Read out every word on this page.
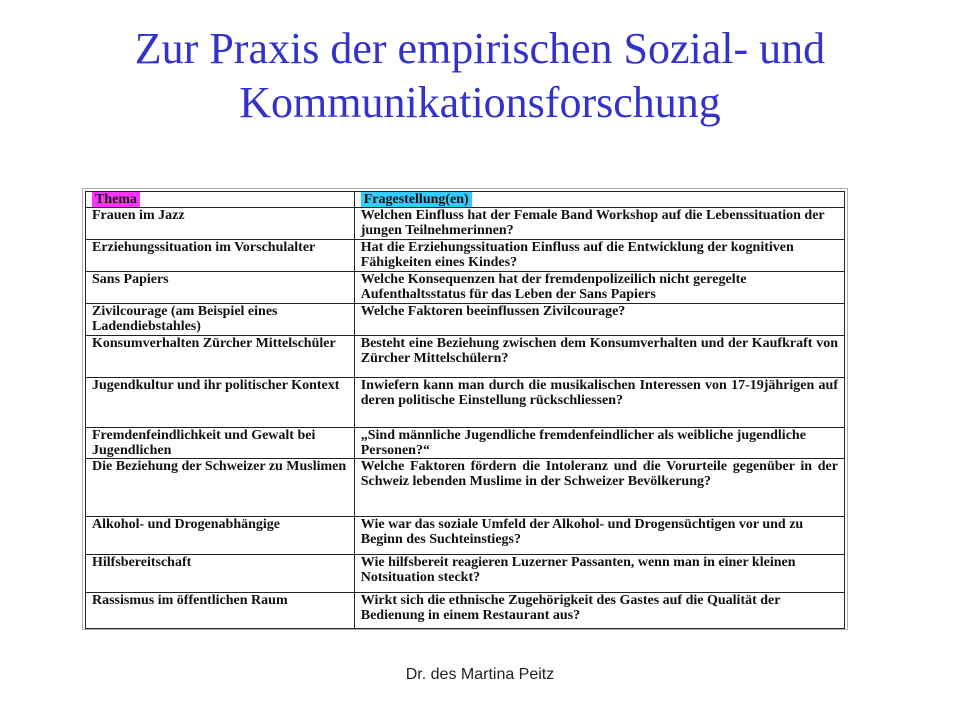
Zur Praxis der empirischen Sozial- und
Kommunikationsforschung
Thema	Fragestellung(en)
Frauen im Jazz	Welchen Einfluss hat der Female Band Workshop auf die Lebenssituation der jungen Teilnehmerinnen?
Erziehungssituation im Vorschulalter	Hat die Erziehungssituation Einfluss auf die Entwicklung der kognitiven Fähigkeiten eines Kindes?
Sans Papiers	Welche Konsequenzen hat der fremdenpolizeilich nicht geregelte Aufenthaltsstatus für das Leben der Sans Papiers
Zivilcourage (am Beispiel eines Ladendiebstahles)	Welche Faktoren beeinflussen Zivilcourage?
Konsumverhalten Zürcher Mittelschüler	Besteht eine Beziehung zwischen dem Konsumverhalten und der Kaufkraft von Zürcher Mittelschülern?
Jugendkultur und ihr politischer Kontext	Inwiefern kann man durch die musikalischen Interessen von 17-19jährigen auf deren politische Einstellung rückschliessen?
Fremdenfeindlichkeit und Gewalt bei Jugendlichen	„Sind männliche Jugendliche fremdenfeindlicher als weibliche jugendliche Personen?“
Die Beziehung der Schweizer zu Muslimen	Welche Faktoren fördern die Intoleranz und die Vorurteile gegenüber in der Schweiz lebenden Muslime in der Schweizer Bevölkerung?
Alkohol- und Drogenabhängige	Wie war das soziale Umfeld der Alkohol- und Drogensüchtigen vor und zu Beginn des Suchteinstiegs?
Hilfsbereitschaft	Wie hilfsbereit reagieren Luzerner Passanten, wenn man in einer kleinen Notsituation steckt?
Rassismus im öffentlichen Raum	Wirkt sich die ethnische Zugehörigkeit des Gastes auf die Qualität der Bedienung in einem Restaurant aus?
Dr. des Martina Peitz
